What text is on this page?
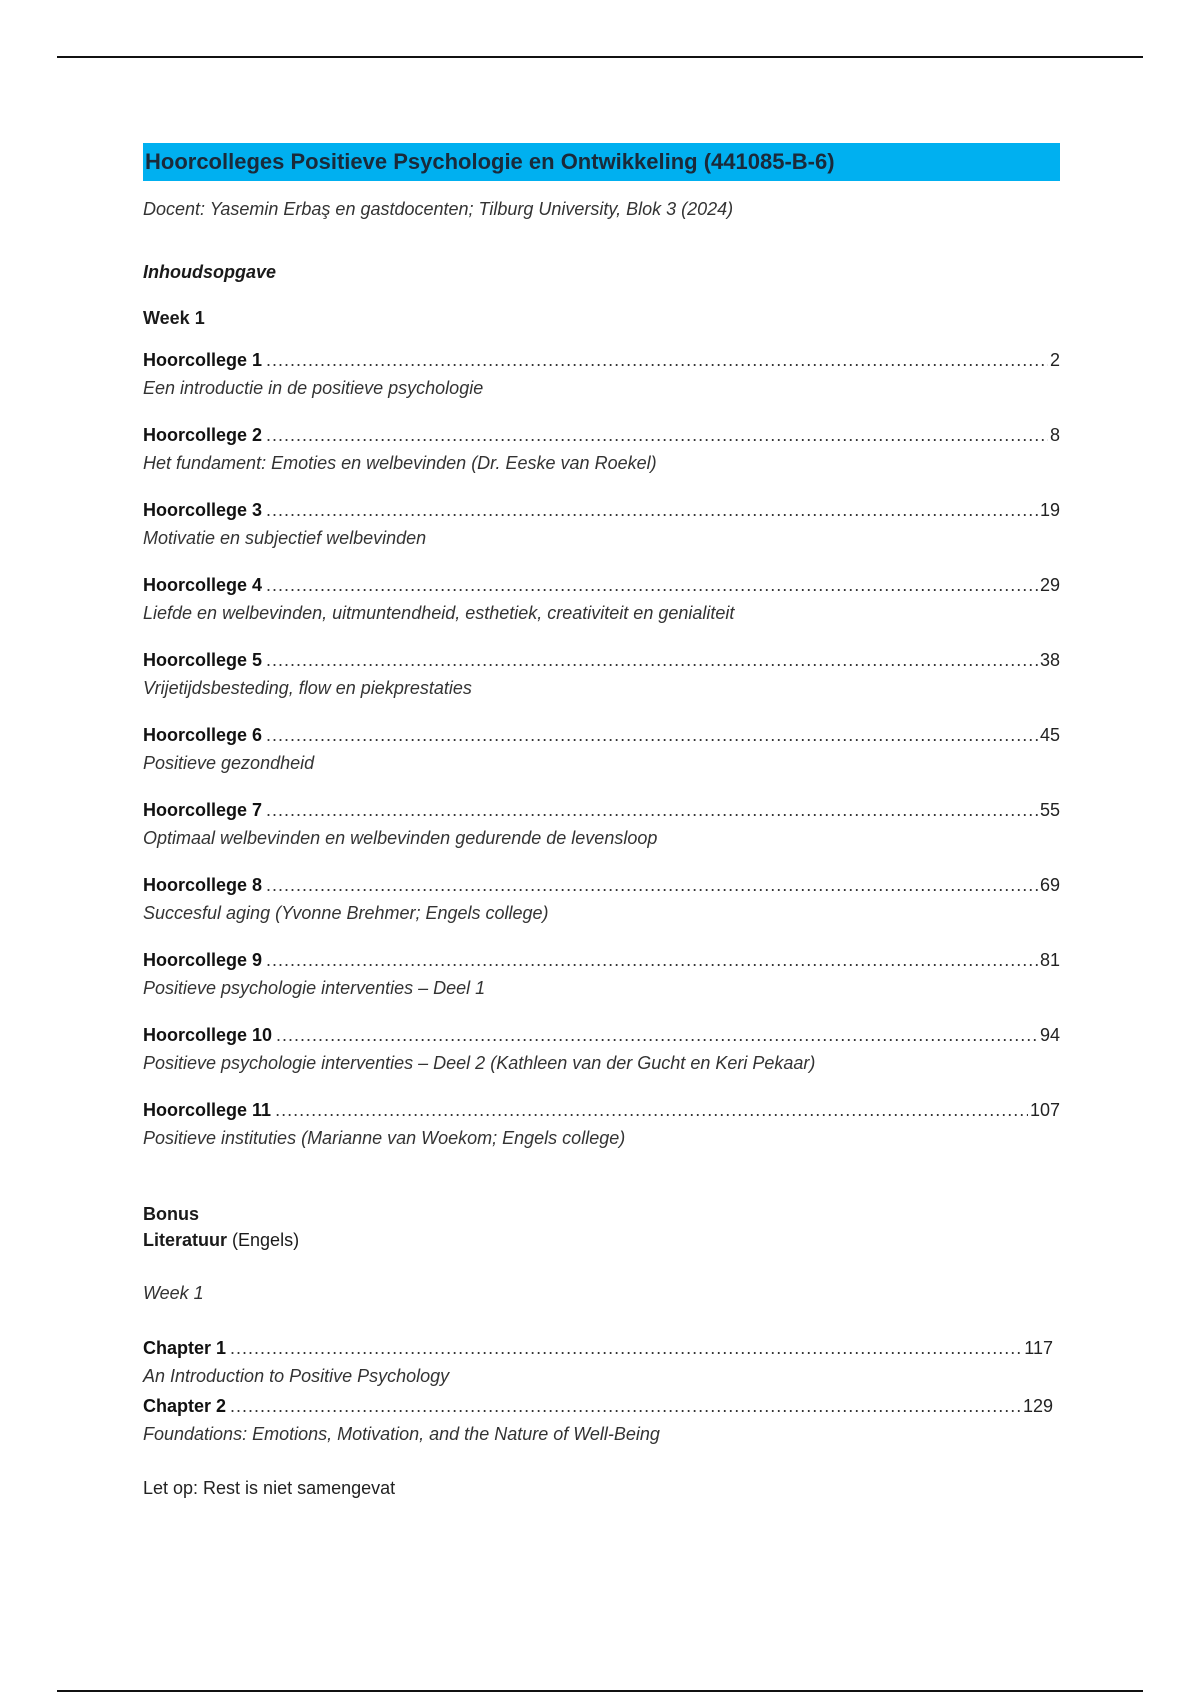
Hoorcolleges Positieve Psychologie en Ontwikkeling (441085-B-6)
Docent: Yasemin Erbaş en gastdocenten; Tilburg University, Blok 3 (2024)
Inhoudsopgave
Week 1
Hoorcollege 1 . . .	2
Een introductie in de positieve psychologie
Hoorcollege 2 . . .	8
Het fundament: Emoties en welbevinden (Dr. Eeske van Roekel)
Hoorcollege 3 . . .	19
Motivatie en subjectief welbevinden
Hoorcollege 4 . . .	29
Liefde en welbevinden, uitmuntendheid, esthetiek, creativiteit en genialiteit
Hoorcollege 5 . . .	38
Vrijetijdsbesteding, flow en piekprestaties
Hoorcollege 6 . . .	45
Positieve gezondheid
Hoorcollege 7 . . .	55
Optimaal welbevinden en welbevinden gedurende de levensloop
Hoorcollege 8 . . .	69
Succesful aging (Yvonne Brehmer; Engels college)
Hoorcollege 9 . . .	81
Positieve psychologie interventies – Deel 1
Hoorcollege 10 . . .	94
Positieve psychologie interventies – Deel 2 (Kathleen van der Gucht en Keri Pekaar)
Hoorcollege 11 . . .	107
Positieve instituties (Marianne van Woekom; Engels college)
Bonus
Literatuur (Engels)
Week 1
Chapter 1 . . .	117
An Introduction to Positive Psychology
Chapter 2 . . .	129
Foundations: Emotions, Motivation, and the Nature of Well-Being
Let op: Rest is niet samengevat
